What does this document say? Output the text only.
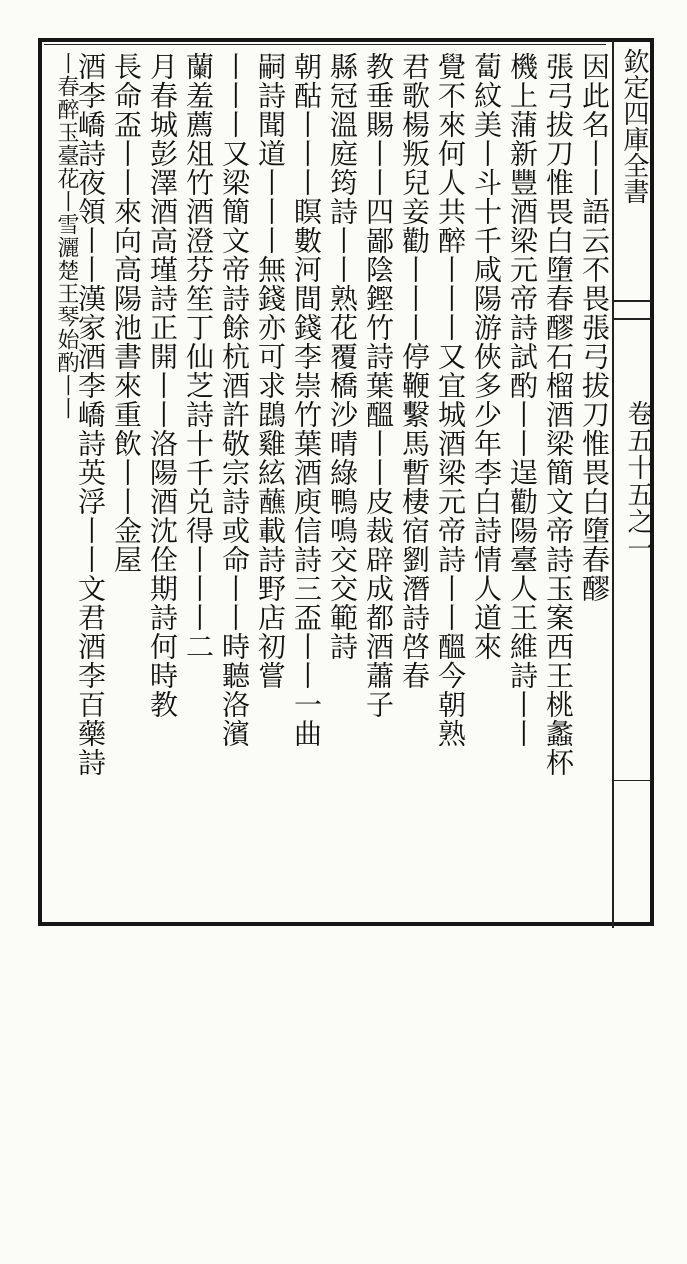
欽定四庫全書
卷五十五之一
因此名丨丨語云不畏張弓拔刀惟畏白墮春醪
張弓拔刀惟畏白墮春醪石榴酒梁簡文帝詩玉案西王桃蠡杯
機上蒲新豐酒梁元帝詩試酌丨丨逞勸陽臺人王維詩丨丨
蔔紋美丨斗十千咸陽游俠多少年李白詩情人道來
覺不來何人共醉丨丨丨又宜城酒梁元帝詩丨丨醞今朝熟
君歌楊叛兒妾勸丨丨丨停鞭繫馬暫棲宿劉潛詩啓春
教垂賜丨丨四鄙陰鏗竹詩葉醞丨丨皮裁辟成都酒蕭子
縣冠溫庭筠詩丨丨熟花覆橋沙晴綠鴨鳴交交範詩
朝酤丨丨丨瞑數河間錢李崇竹葉酒庾信詩三盃丨丨一曲
嗣詩聞道丨丨丨無錢亦可求鵾雞絃蘸載詩野店初嘗
丨丨丨又梁簡文帝詩餘杭酒許敬宗詩或命丨丨時聽洛濱
蘭羞薦俎竹酒澄芬笙丁仙芝詩十千兑得丨丨丨二
月春城彭澤酒高瑾詩正開丨丨洛陽酒沈佺期詩何時教
長命盃丨丨來向高陽池書來重飲丨丨金屋
酒李嶠詩夜領丨丨漢家酒李嶠詩英浮丨丨文君酒李百藥詩
丨春醉玉臺花丨雪灑楚王琴始酌丨丨
